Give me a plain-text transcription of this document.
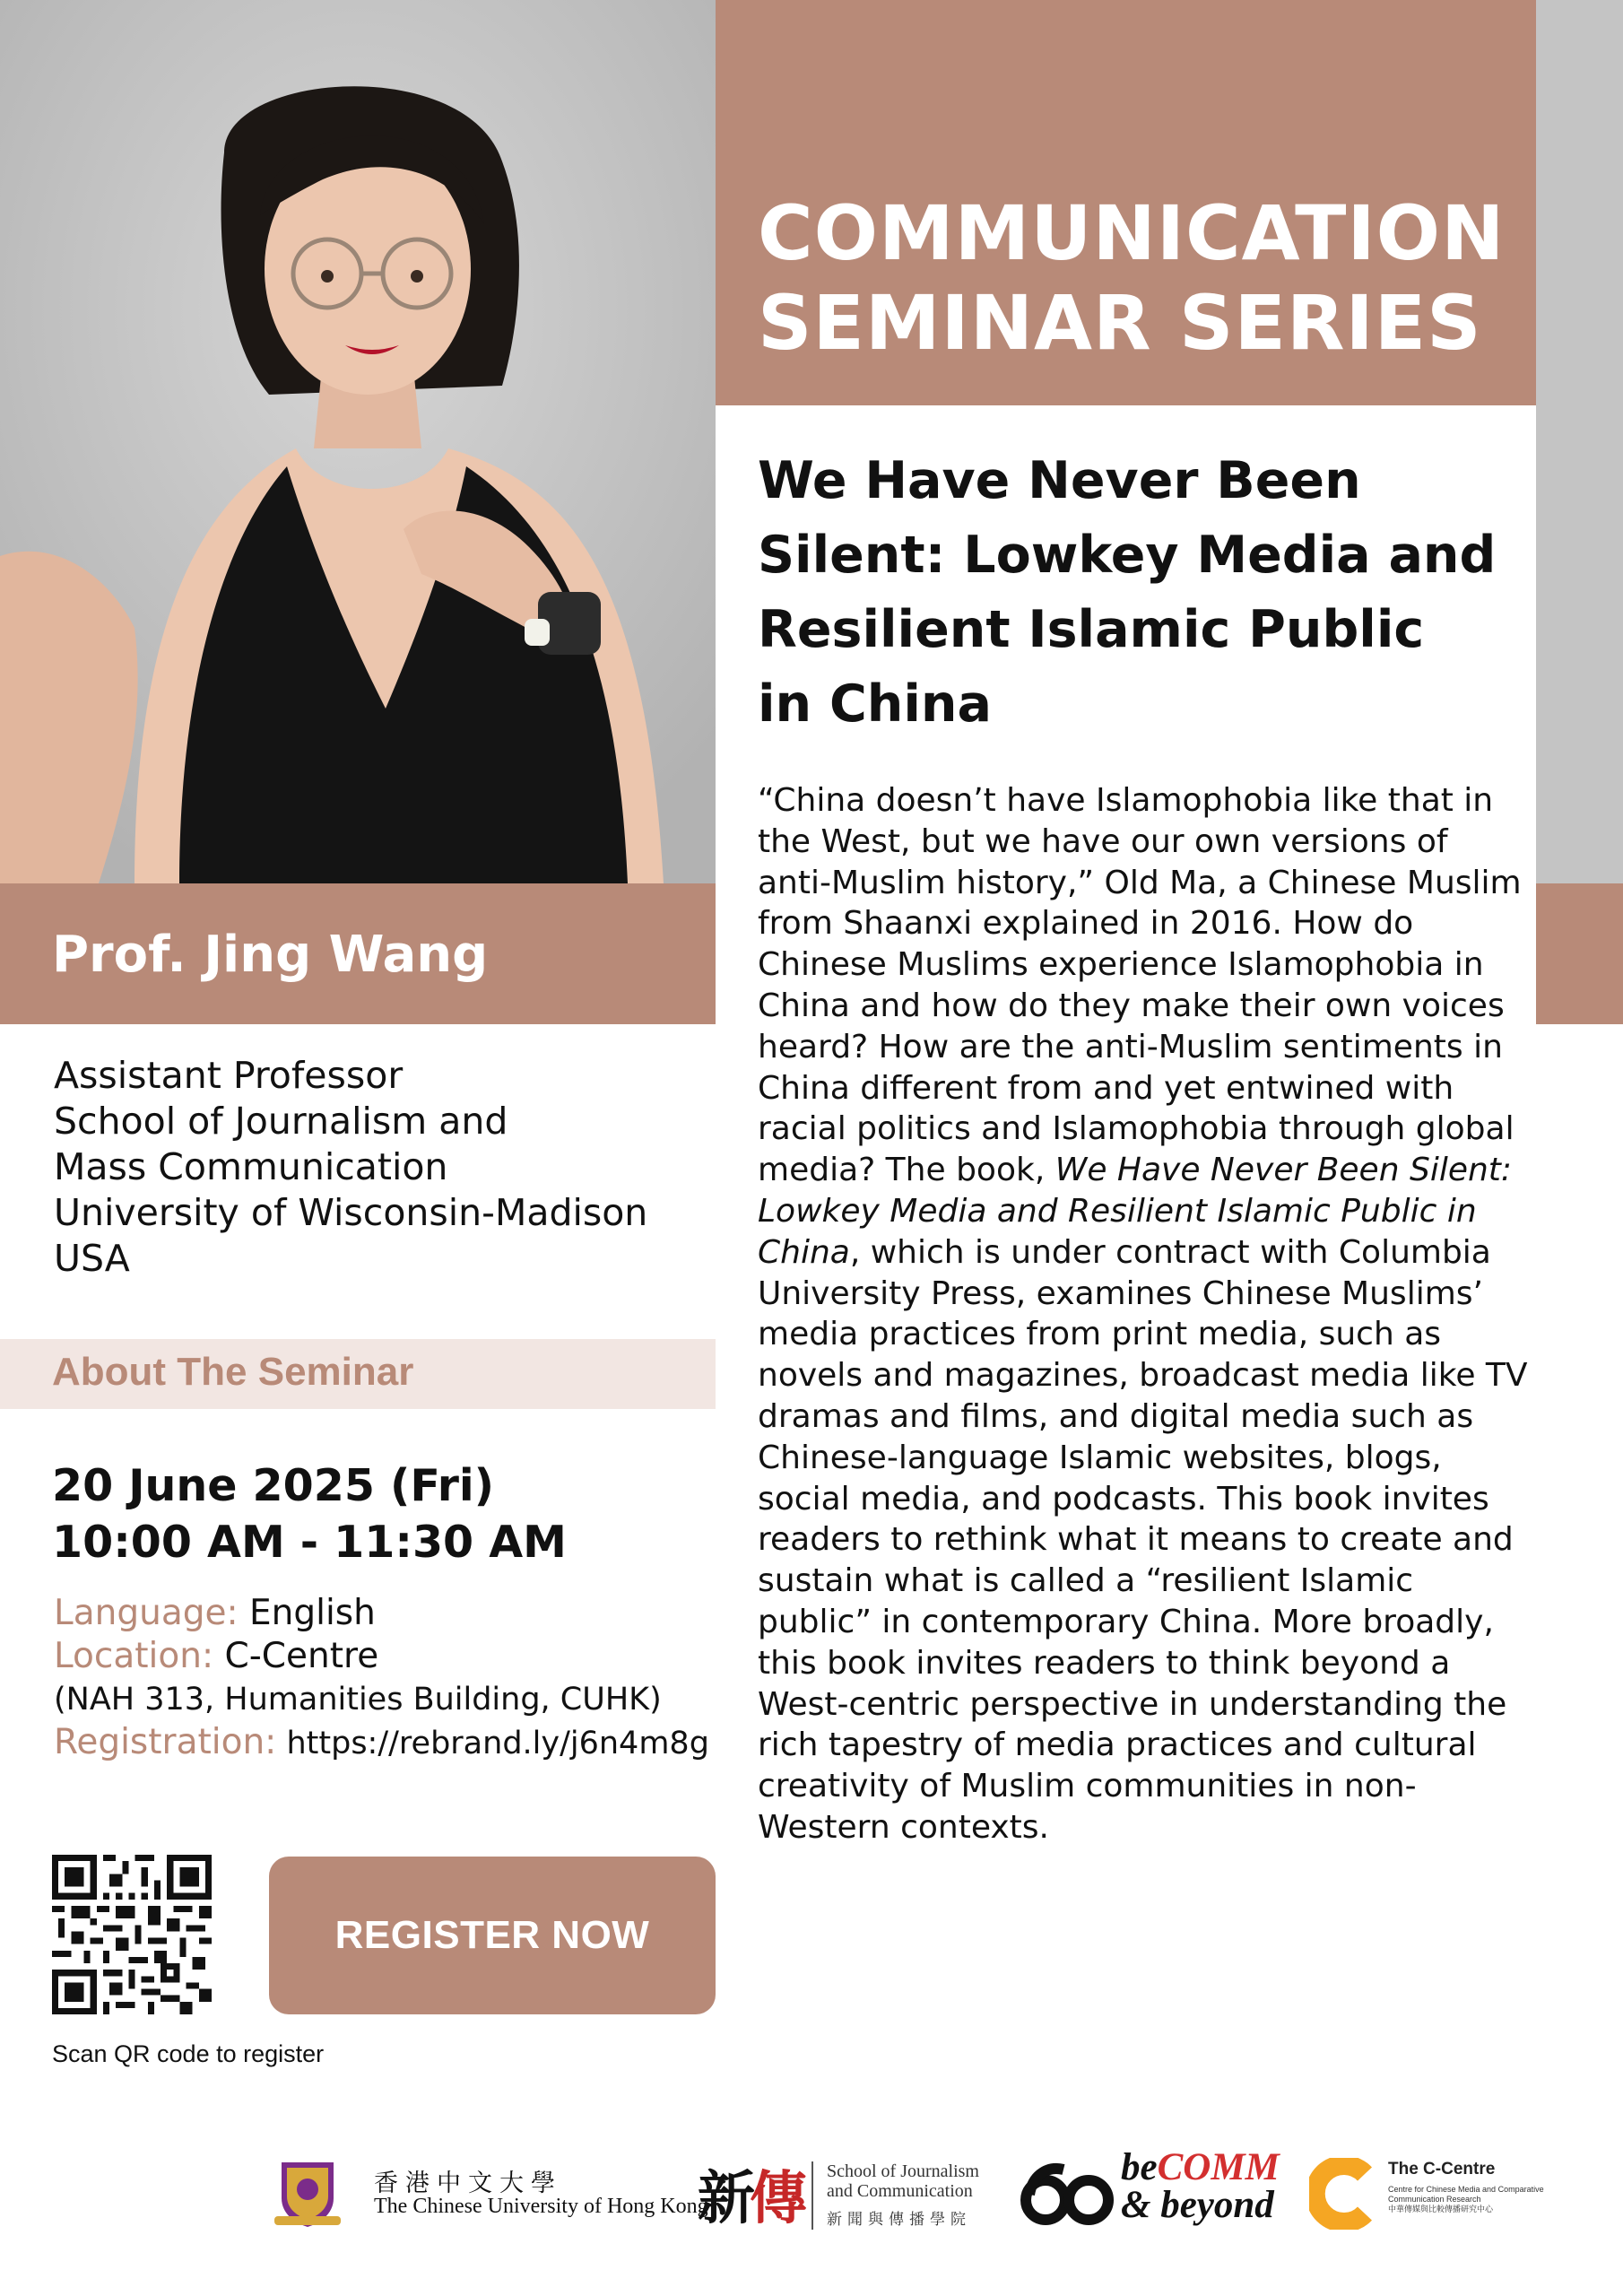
COMMUNICATION
SEMINAR SERIES
We Have Never Been
Silent: Lowkey Media and
Resilient Islamic Public
in China
“China doesn’t have Islamophobia like that in the West, but we have our own versions of anti-Muslim history,” Old Ma, a Chinese Muslim from Shaanxi explained in 2016. How do Chinese Muslims experience Islamophobia in China and how do they make their own voices heard? How are the anti-Muslim sentiments in China different from and yet entwined with racial politics and Islamophobia through global media? The book, We Have Never Been Silent: Lowkey Media and Resilient Islamic Public in China, which is under contract with Columbia University Press, examines Chinese Muslims’ media practices from print media, such as novels and magazines, broadcast media like TV dramas and films, and digital media such as Chinese-language Islamic websites, blogs, social media, and podcasts. This book invites readers to rethink what it means to create and sustain what is called a “resilient Islamic public” in contemporary China. More broadly, this book invites readers to think beyond a West-centric perspective in understanding the rich tapestry of media practices and cultural creativity of Muslim communities in non-Western contexts.
Prof. Jing Wang
Assistant Professor
School of Journalism and
Mass Communication
University of Wisconsin-Madison
USA
About The Seminar
20 June 2025 (Fri)
10:00 AM - 11:30 AM
Language: English
Location: C-Centre
(NAH 313, Humanities Building, CUHK)
Registration: https://rebrand.ly/j6n4m8g
Scan QR code to register
REGISTER NOW
香港中文大學
The Chinese University of Hong Kong
新傳 School of Journalism
and Communication
新聞與傳播學院
beCOMM
& beyond
The C-Centre
Centre for Chinese Media and Comparative Communication Research
中華傳媒與比較傳播研究中心
